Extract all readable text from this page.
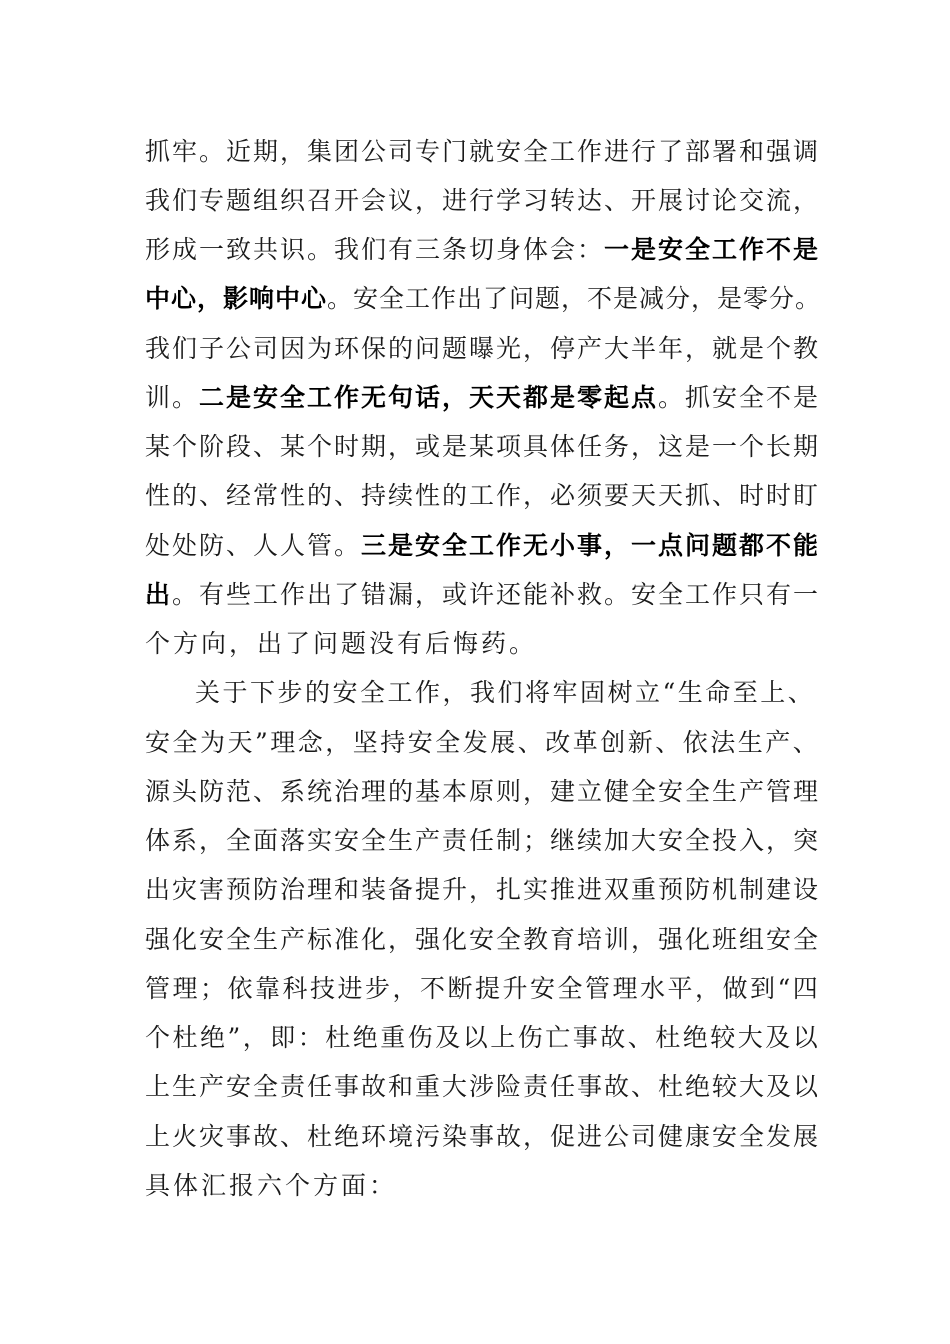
抓牢。近期，集团公司专门就安全工作进行了部署和强调
我们专题组织召开会议，进行学习转达、开展讨论交流，
形成一致共识。我们有三条切身体会：一是安全工作不是
中心，影响中心。安全工作出了问题，不是减分，是零分。
我们子公司因为环保的问题曝光，停产大半年，就是个教
训。二是安全工作无句话，天天都是零起点。抓安全不是
某个阶段、某个时期，或是某项具体任务，这是一个长期
性的、经常性的、持续性的工作，必须要天天抓、时时盯
处处防、人人管。三是安全工作无小事，一点问题都不能
出。有些工作出了错漏，或许还能补救。安全工作只有一
个方向，出了问题没有后悔药。
关于下步的安全工作，我们将牢固树立“生命至上、
安全为天”理念，坚持安全发展、改革创新、依法生产、
源头防范、系统治理的基本原则，建立健全安全生产管理
体系，全面落实安全生产责任制；继续加大安全投入，突
出灾害预防治理和装备提升，扎实推进双重预防机制建设
强化安全生产标准化，强化安全教育培训，强化班组安全
管理；依靠科技进步，不断提升安全管理水平，做到“四
个杜绝”，即：杜绝重伤及以上伤亡事故、杜绝较大及以
上生产安全责任事故和重大涉险责任事故、杜绝较大及以
上火灾事故、杜绝环境污染事故，促进公司健康安全发展
具体汇报六个方面：
